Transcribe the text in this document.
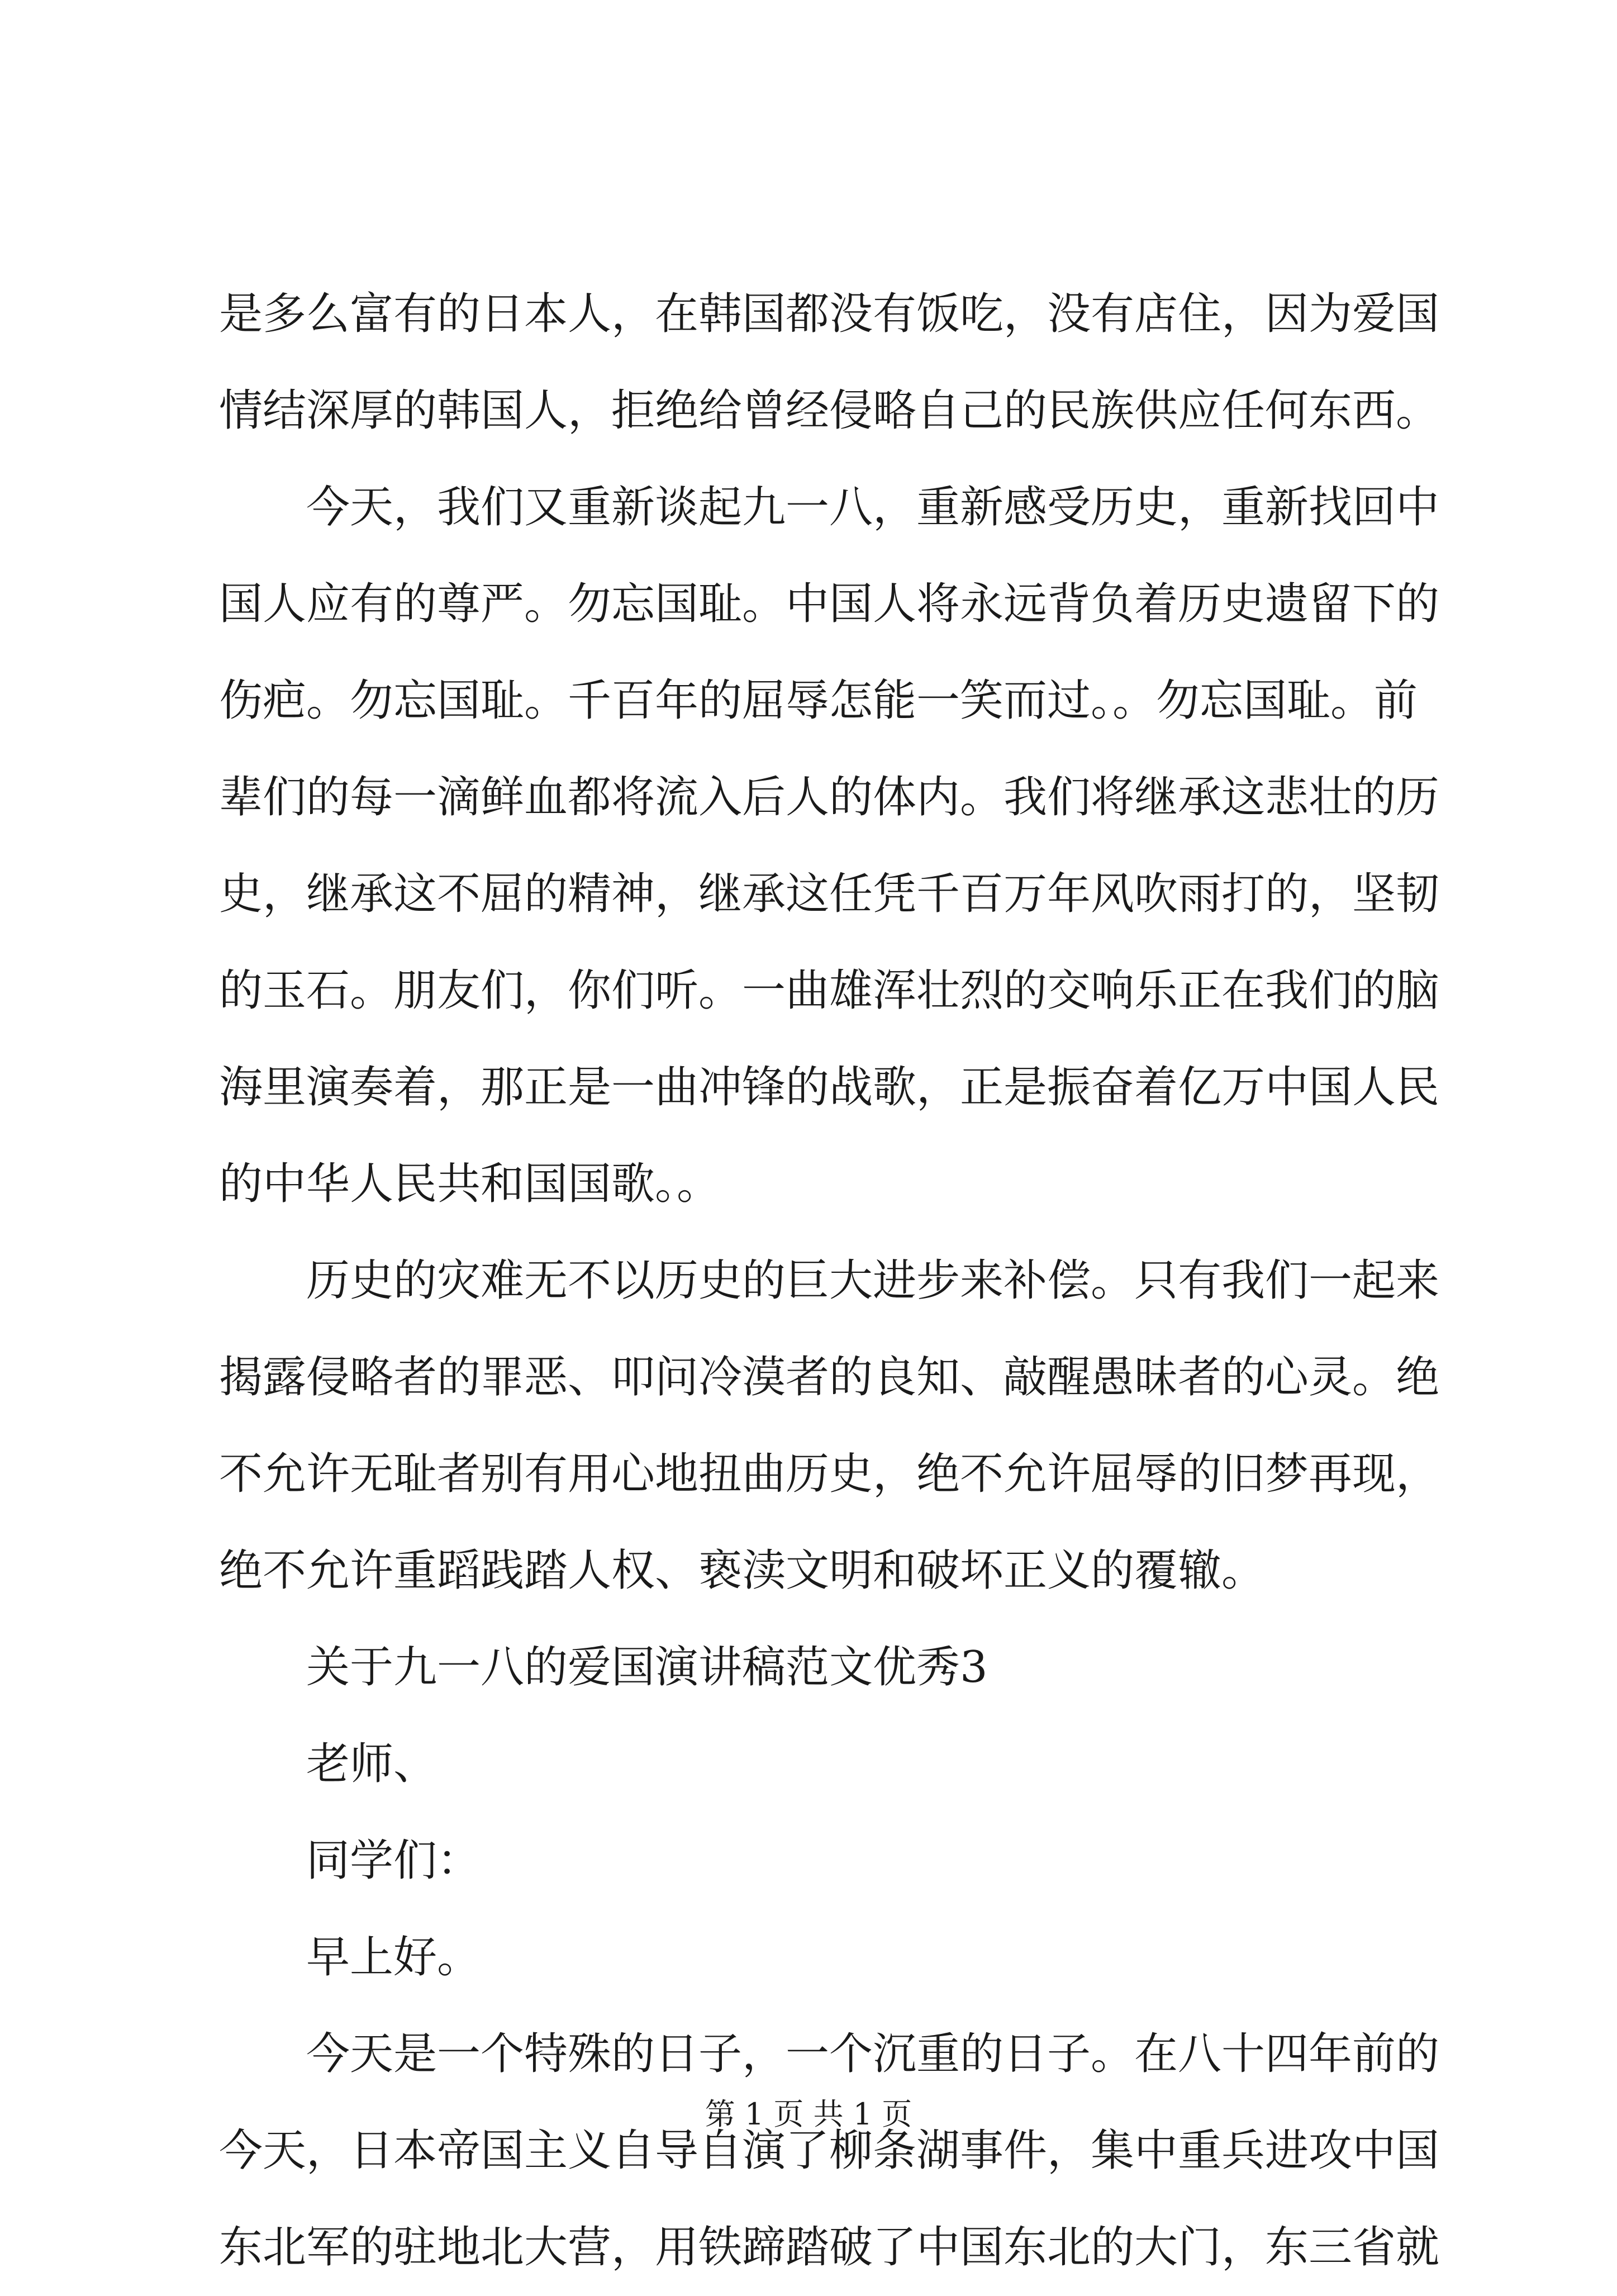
是多么富有的日本人，在韩国都没有饭吃，没有店住，因为爱国
情结深厚的韩国人，拒绝给曾经侵略自己的民族供应任何东西。
今天，我们又重新谈起九一八，重新感受历史，重新找回中
国人应有的尊严。勿忘国耻。中国人将永远背负着历史遗留下的
伤疤。勿忘国耻。千百年的屈辱怎能一笑而过。。勿忘国耻。前
辈们的每一滴鲜血都将流入后人的体内。我们将继承这悲壮的历
史，继承这不屈的精神，继承这任凭千百万年风吹雨打的，坚韧
的玉石。朋友们，你们听。一曲雄浑壮烈的交响乐正在我们的脑
海里演奏着，那正是一曲冲锋的战歌，正是振奋着亿万中国人民
的中华人民共和国国歌。。
历史的灾难无不以历史的巨大进步来补偿。只有我们一起来
揭露侵略者的罪恶、叩问冷漠者的良知、敲醒愚昧者的心灵。绝
不允许无耻者别有用心地扭曲历史，绝不允许屈辱的旧梦再现，
绝不允许重蹈践踏人权、亵渎文明和破坏正义的覆辙。
关于九一八的爱国演讲稿范文优秀3
老师、
同学们：
早上好。
今天是一个特殊的日子，一个沉重的日子。在八十四年前的
今天，日本帝国主义自导自演了柳条湖事件，集中重兵进攻中国
东北军的驻地北大营，用铁蹄踏破了中国东北的大门，东三省就
第 1 页 共 1 页
